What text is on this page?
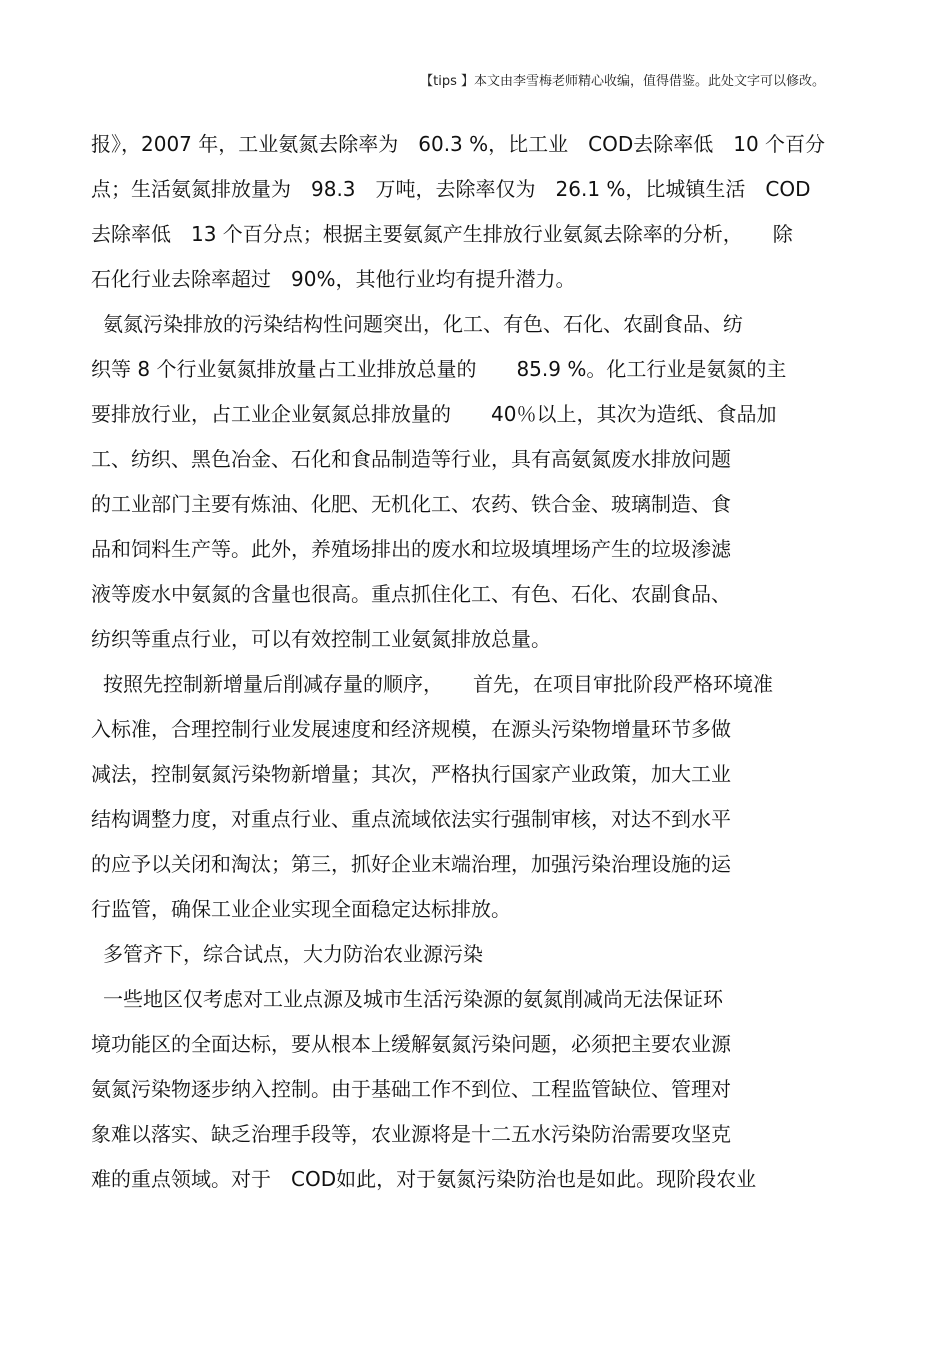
【tips 】本文由李雪梅老师精心收编，值得借鉴。此处文字可以修改。
报》，2007 年，工业氨氮去除率为　60.3 %，比工业　COD去除率低　10 个百分
点；生活氨氮排放量为　98.3　万吨，去除率仅为　26.1 %，比城镇生活　COD
去除率低　13 个百分点；根据主要氨氮产生排放行业氨氮去除率的分析，　　除
石化行业去除率超过　90%，其他行业均有提升潜力。
氨氮污染排放的污染结构性问题突出，化工、有色、石化、农副食品、纺
织等 8 个行业氨氮排放量占工业排放总量的　　85.9 %。化工行业是氨氮的主
要排放行业，占工业企业氨氮总排放量的　　40％以上，其次为造纸、食品加
工、纺织、黑色冶金、石化和食品制造等行业，具有高氨氮废水排放问题
的工业部门主要有炼油、化肥、无机化工、农药、铁合金、玻璃制造、食
品和饲料生产等。此外，养殖场排出的废水和垃圾填埋场产生的垃圾渗滤
液等废水中氨氮的含量也很高。重点抓住化工、有色、石化、农副食品、
纺织等重点行业，可以有效控制工业氨氮排放总量。
按照先控制新增量后削减存量的顺序，　　首先，在项目审批阶段严格环境准
入标准，合理控制行业发展速度和经济规模，在源头污染物增量环节多做
减法，控制氨氮污染物新增量；其次，严格执行国家产业政策，加大工业
结构调整力度，对重点行业、重点流域依法实行强制审核，对达不到水平
的应予以关闭和淘汰；第三，抓好企业末端治理，加强污染治理设施的运
行监管，确保工业企业实现全面稳定达标排放。
多管齐下，综合试点，大力防治农业源污染
一些地区仅考虑对工业点源及城市生活污染源的氨氮削减尚无法保证环
境功能区的全面达标，要从根本上缓解氨氮污染问题，必须把主要农业源
氨氮污染物逐步纳入控制。由于基础工作不到位、工程监管缺位、管理对
象难以落实、缺乏治理手段等，农业源将是十二五水污染防治需要攻坚克
难的重点领域。对于　COD如此，对于氨氮污染防治也是如此。现阶段农业
